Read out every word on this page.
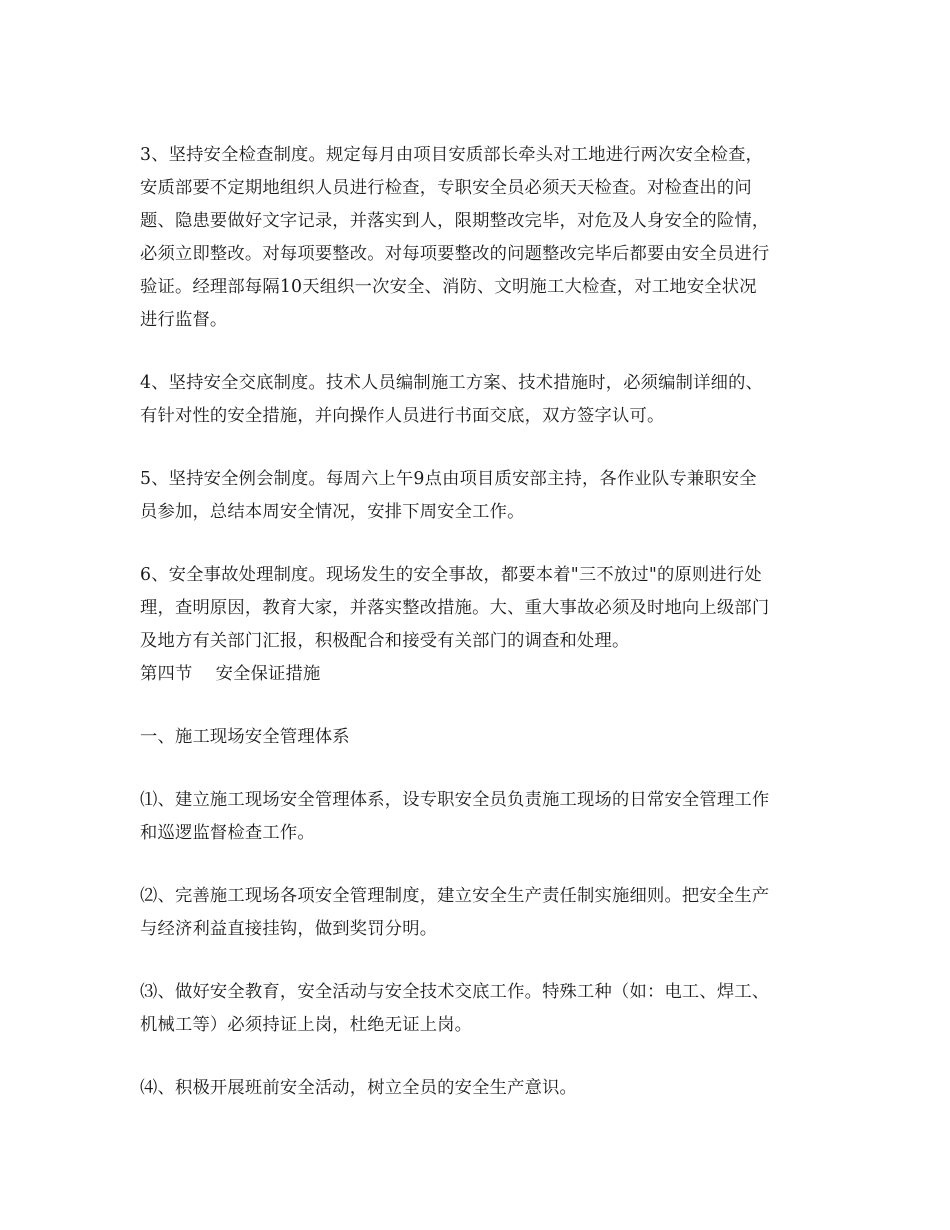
3、坚持安全检查制度。规定每月由项目安质部长牵头对工地进行两次安全检查，
安质部要不定期地组织人员进行检查，专职安全员必须天天检查。对检查出的问
题、隐患要做好文字记录，并落实到人，限期整改完毕，对危及人身安全的险情，
必须立即整改。对每项要整改。对每项要整改的问题整改完毕后都要由安全员进行
验证。经理部每隔10天组织一次安全、消防、文明施工大检查，对工地安全状况
进行监督。

4、坚持安全交底制度。技术人员编制施工方案、技术措施时，必须编制详细的、
有针对性的安全措施，并向操作人员进行书面交底，双方签字认可。

5、坚持安全例会制度。每周六上午9点由项目质安部主持，各作业队专兼职安全
员参加，总结本周安全情况，安排下周安全工作。

6、安全事故处理制度。现场发生的安全事故，都要本着"三不放过"的原则进行处
理，查明原因，教育大家，并落实整改措施。大、重大事故必须及时地向上级部门
及地方有关部门汇报，积极配合和接受有关部门的调查和处理。

第四节　 安全保证措施

一、施工现场安全管理体系

⑴、建立施工现场安全管理体系，设专职安全员负责施工现场的日常安全管理工作
和巡逻监督检查工作。

⑵、完善施工现场各项安全管理制度，建立安全生产责任制实施细则。把安全生产
与经济利益直接挂钩，做到奖罚分明。

⑶、做好安全教育，安全活动与安全技术交底工作。特殊工种（如：电工、焊工、
机械工等）必须持证上岗，杜绝无证上岗。

⑷、积极开展班前安全活动，树立全员的安全生产意识。
